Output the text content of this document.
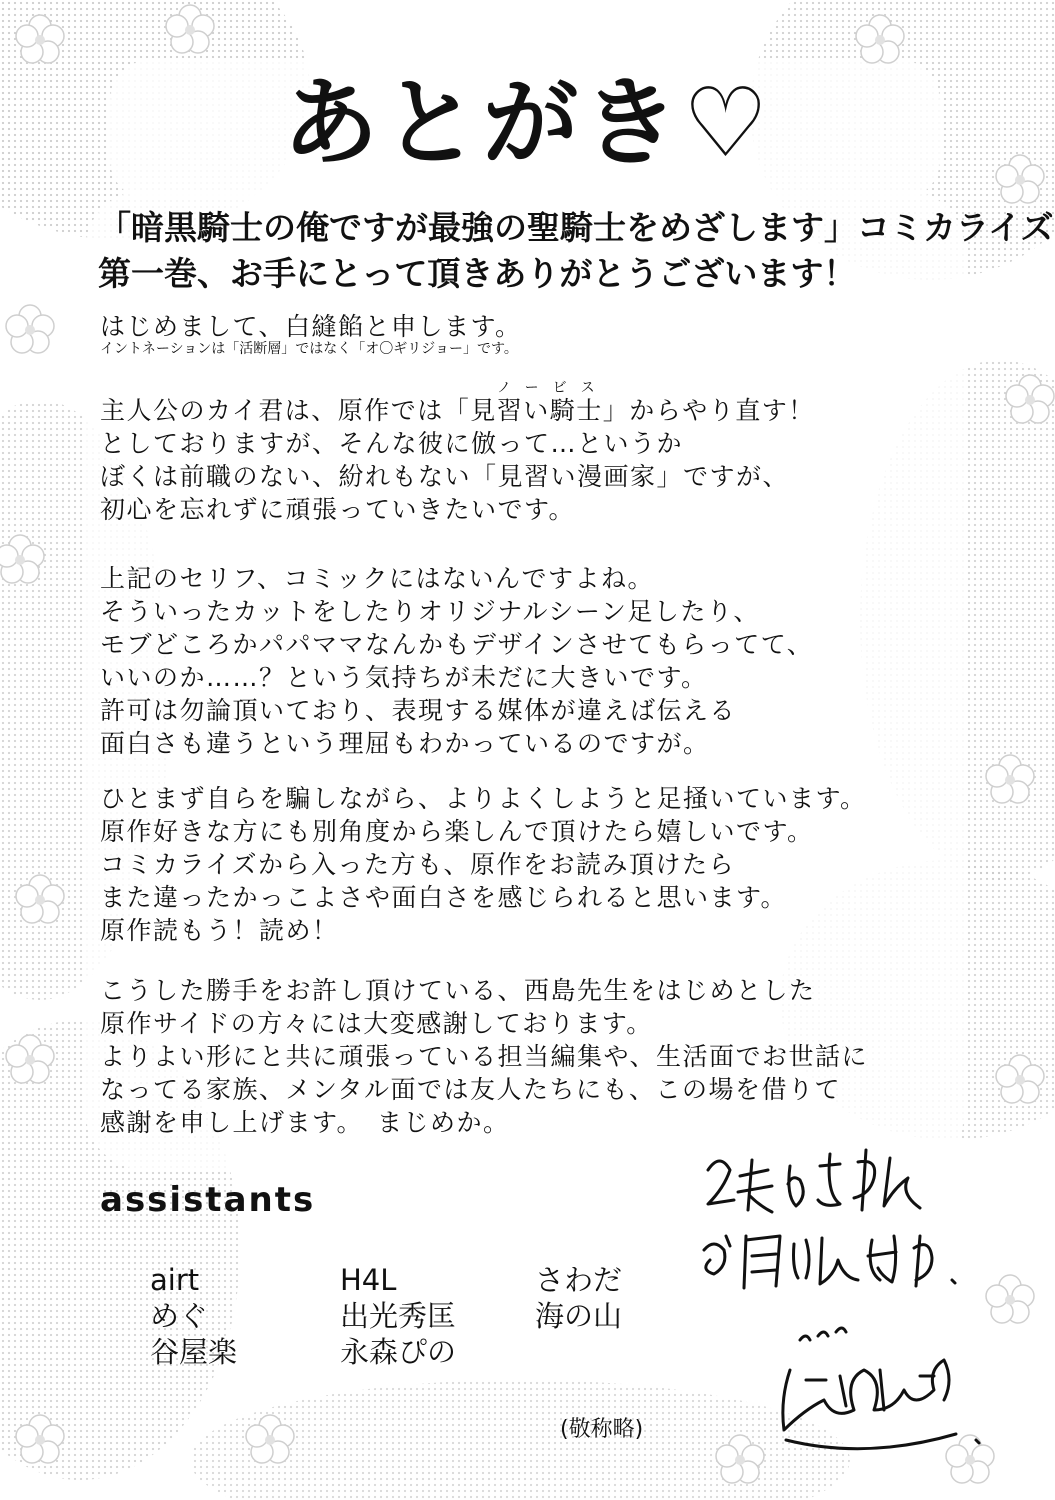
あとがき♡
「暗黒騎士の俺ですが最強の聖騎士をめざします」コミカライズ
第一巻、お手にとって頂きありがとうございます！
はじめまして、白縫餡と申します。
イントネーションは「活断層」ではなく「オ〇ギリジョー」です。
ノービス
主人公のカイ君は、原作では「見習い騎士」からやり直す！
としておりますが、そんな彼に倣って…というか
ぼくは前職のない、紛れもない「見習い漫画家」ですが、
初心を忘れずに頑張っていきたいです。
上記のセリフ、コミックにはないんですよね。
そういったカットをしたりオリジナルシーン足したり、
モブどころかパパママなんかもデザインさせてもらってて、
いいのか……？という気持ちが未だに大きいです。
許可は勿論頂いており、表現する媒体が違えば伝える
面白さも違うという理屈もわかっているのですが。
ひとまず自らを騙しながら、よりよくしようと足掻いています。
原作好きな方にも別角度から楽しんで頂けたら嬉しいです。
コミカライズから入った方も、原作をお読み頂けたら
また違ったかっこよさや面白さを感じられると思います。
原作読もう！読め！
こうした勝手をお許し頂けている、西島先生をはじめとした
原作サイドの方々には大変感謝しております。
よりよい形にと共に頑張っている担当編集や、生活面でお世話に
なってる家族、メンタル面では友人たちにも、この場を借りて
感謝を申し上げます。　まじめか。
assistants
airt	H4L	さわだ
めぐ	出光秀匡	海の山
谷屋楽	永森ぴの
(敬称略)
